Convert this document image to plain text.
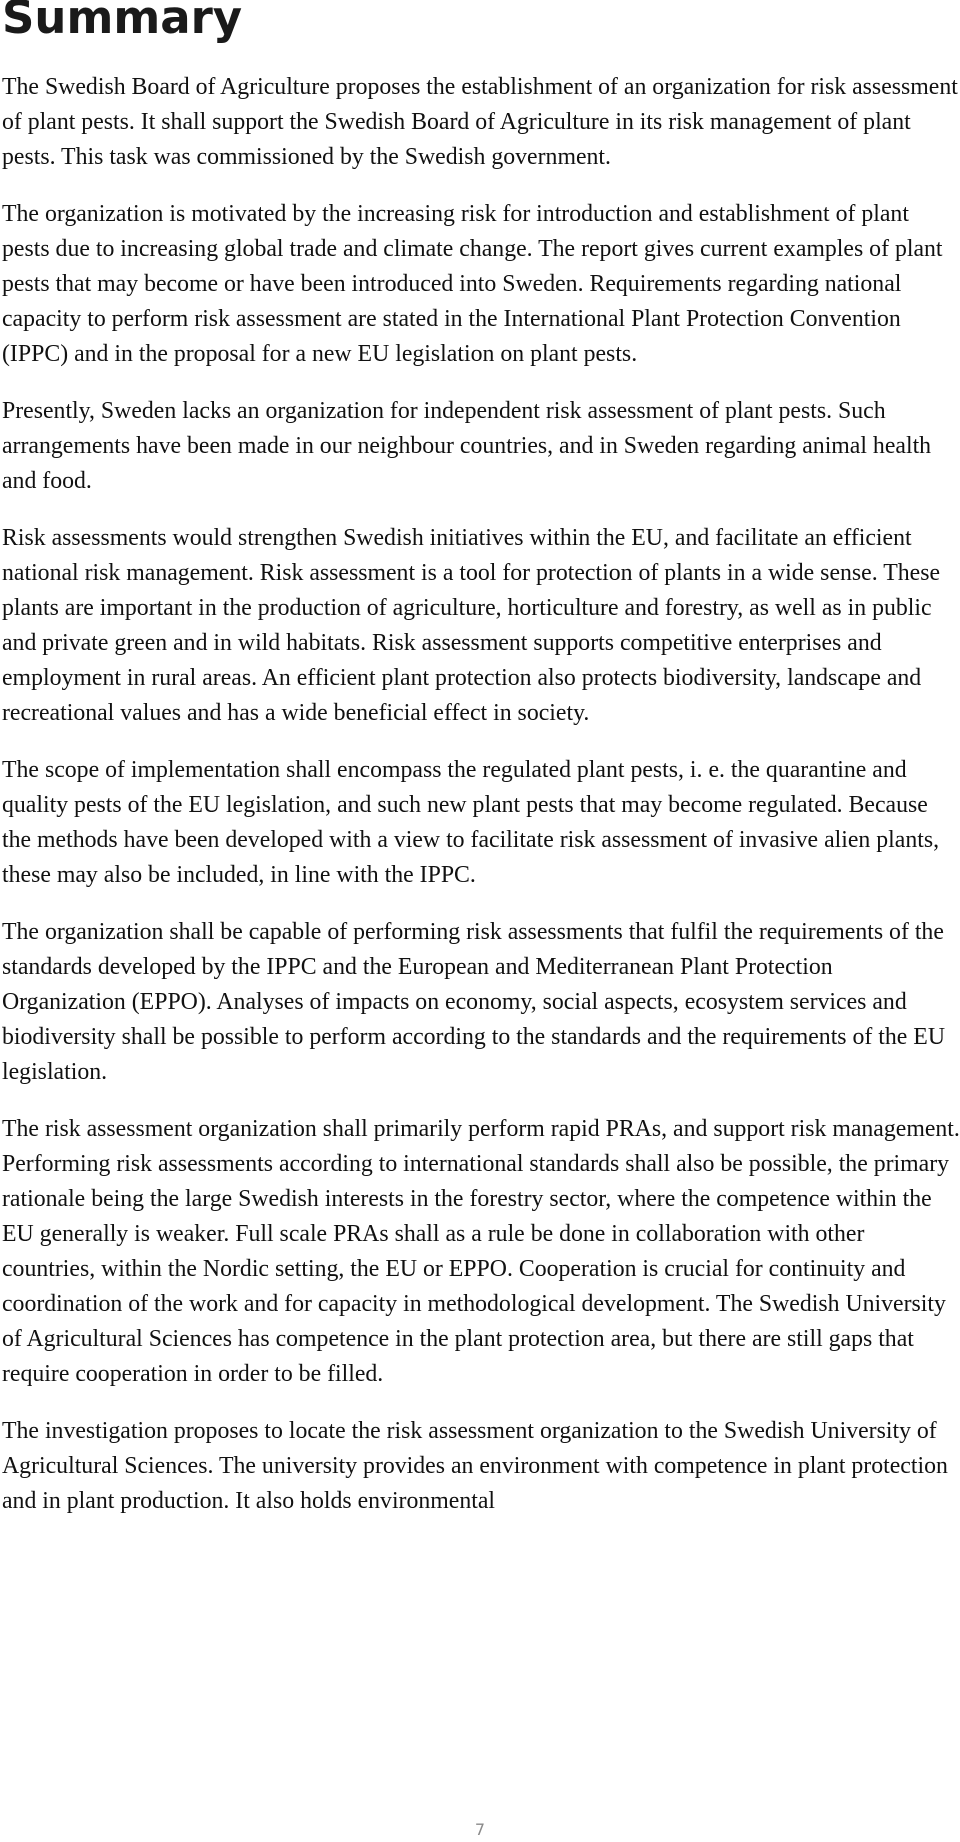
Summary

The Swedish Board of Agriculture proposes the establishment of an organization for risk assessment of plant pests. It shall support the Swedish Board of Agriculture in its risk management of plant pests. This task was commissioned by the Swedish government.

The organization is motivated by the increasing risk for introduction and establishment of plant pests due to increasing global trade and climate change. The report gives current examples of plant pests that may become or have been introduced into Sweden. Requirements regarding national capacity to perform risk assessment are stated in the International Plant Protection Convention (IPPC) and in the proposal for a new EU legislation on plant pests.

Presently, Sweden lacks an organization for independent risk assessment of plant pests. Such arrangements have been made in our neighbour countries, and in Sweden regarding animal health and food.

Risk assessments would strengthen Swedish initiatives within the EU, and facilitate an efficient national risk management. Risk assessment is a tool for protection of plants in a wide sense. These plants are important in the production of agriculture, horticulture and forestry, as well as in public and private green and in wild habitats. Risk assessment supports competitive enterprises and employment in rural areas. An efficient plant protection also protects biodiversity, landscape and recreational values and has a wide beneficial effect in society.

The scope of implementation shall encompass the regulated plant pests, i. e. the quarantine and quality pests of the EU legislation, and such new plant pests that may become regulated. Because the methods have been developed with a view to facilitate risk assessment of invasive alien plants, these may also be included, in line with the IPPC.

The organization shall be capable of performing risk assessments that fulfil the requirements of the standards developed by the IPPC and the European and Mediterranean Plant Protection Organization (EPPO). Analyses of impacts on economy, social aspects, ecosystem services and biodiversity shall be possible to perform according to the standards and the requirements of the EU legislation.

The risk assessment organization shall primarily perform rapid PRAs, and support risk management. Performing risk assessments according to international standards shall also be possible, the primary rationale being the large Swedish interests in the forestry sector, where the competence within the EU generally is weaker. Full scale PRAs shall as a rule be done in collaboration with other countries, within the Nordic setting, the EU or EPPO. Cooperation is crucial for continuity and coordination of the work and for capacity in methodological development. The Swedish University of Agricultural Sciences has competence in the plant protection area, but there are still gaps that require cooperation in order to be filled.

The investigation proposes to locate the risk assessment organization to the Swedish University of Agricultural Sciences. The university provides an environment with competence in plant protection and in plant production. It also holds environmental

7
